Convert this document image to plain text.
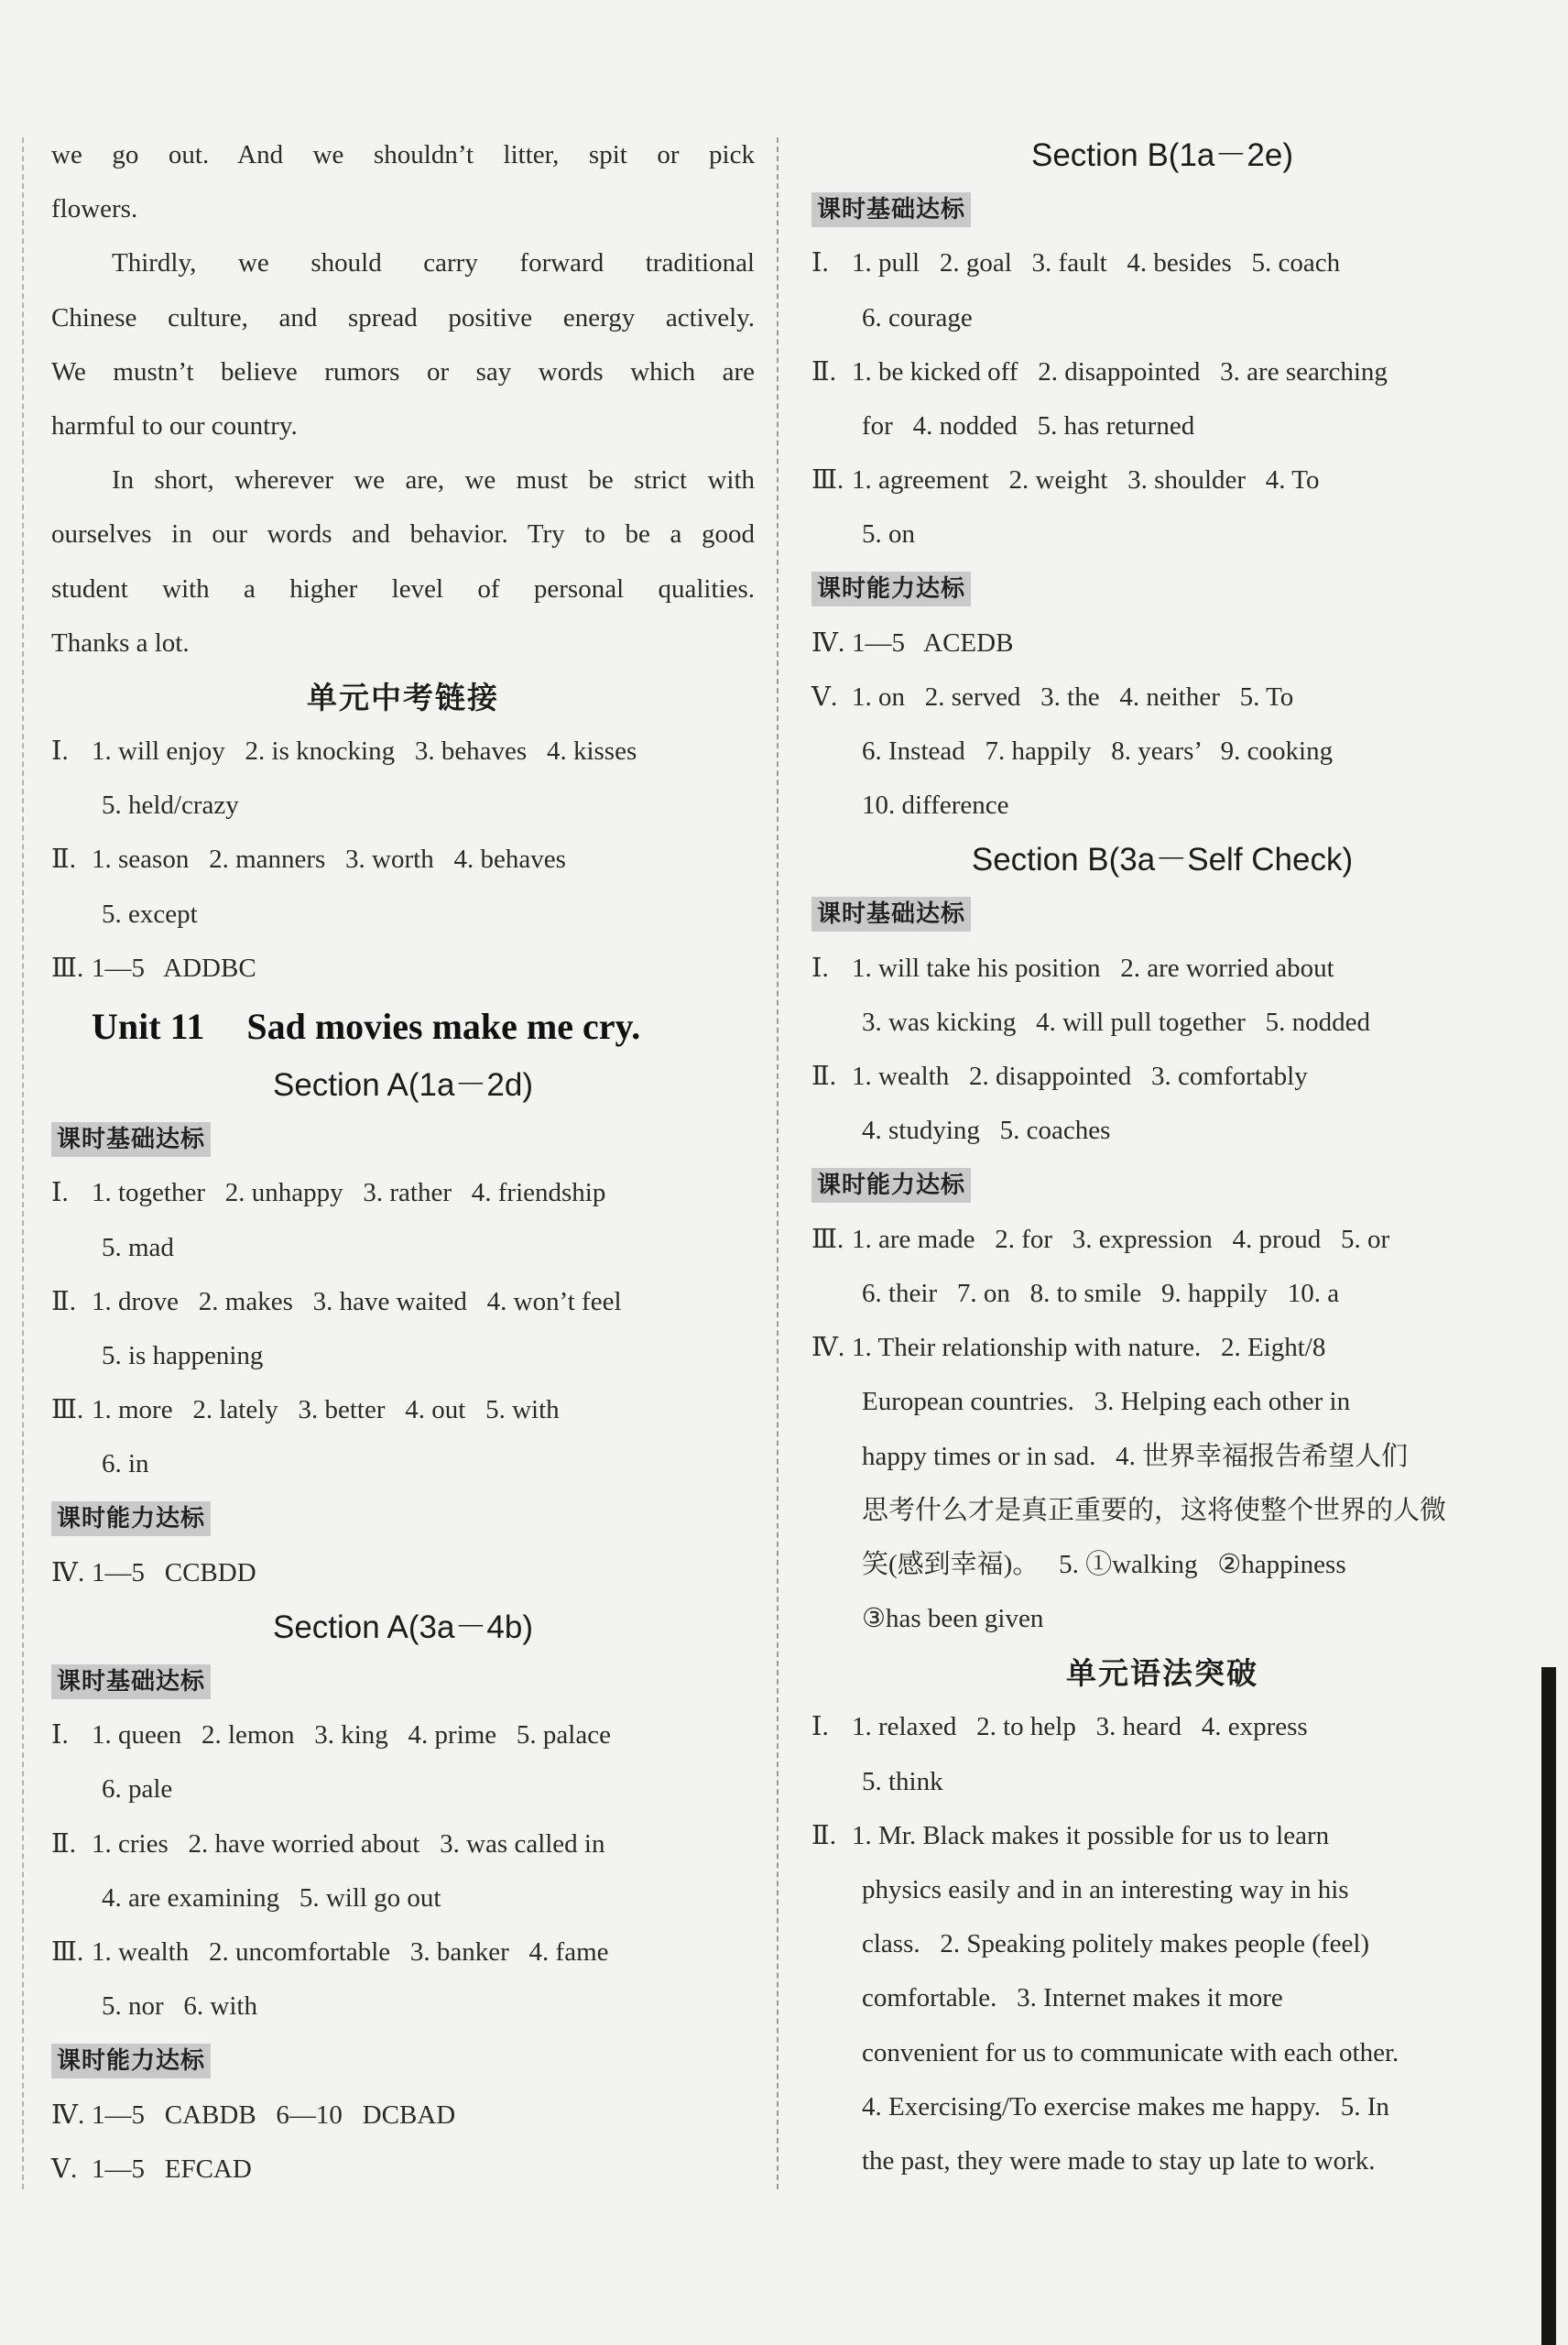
we go out. And we shouldn’t litter, spit or pick
flowers.
Thirdly, we should carry forward traditional
Chinese culture, and spread positive energy actively.
We mustn’t believe rumors or say words which are
harmful to our country.
In short, wherever we are, we must be strict with
ourselves in our words and behavior. Try to be a good
student with a higher level of personal qualities.
Thanks a lot.
单元中考链接
Ⅰ. 1. will enjoy   2. is knocking   3. behaves   4. kisses
5. held/crazy
Ⅱ. 1. season   2. manners   3. worth   4. behaves
5. except
Ⅲ. 1—5   ADDBC
Unit 11 Sad movies make me cry.
Section A(1a－2d)
课时基础达标
Ⅰ. 1. together   2. unhappy   3. rather   4. friendship
5. mad
Ⅱ. 1. drove   2. makes   3. have waited   4. won’t feel
5. is happening
Ⅲ. 1. more   2. lately   3. better   4. out   5. with
6. in
课时能力达标
Ⅳ. 1—5   CCBDD
Section A(3a－4b)
课时基础达标
Ⅰ. 1. queen   2. lemon   3. king   4. prime   5. palace
6. pale
Ⅱ. 1. cries   2. have worried about   3. was called in
4. are examining   5. will go out
Ⅲ. 1. wealth   2. uncomfortable   3. banker   4. fame
5. nor   6. with
课时能力达标
Ⅳ. 1—5   CABDB   6—10   DCBAD
Ⅴ. 1—5   EFCAD
Section B(1a－2e)
课时基础达标
Ⅰ. 1. pull   2. goal   3. fault   4. besides   5. coach
6. courage
Ⅱ. 1. be kicked off   2. disappointed   3. are searching
for   4. nodded   5. has returned
Ⅲ. 1. agreement   2. weight   3. shoulder   4. To
5. on
课时能力达标
Ⅳ. 1—5   ACEDB
Ⅴ. 1. on   2. served   3. the   4. neither   5. To
6. Instead   7. happily   8. years’   9. cooking
10. difference
Section B(3a－Self Check)
课时基础达标
Ⅰ. 1. will take his position   2. are worried about
3. was kicking   4. will pull together   5. nodded
Ⅱ. 1. wealth   2. disappointed   3. comfortably
4. studying   5. coaches
课时能力达标
Ⅲ. 1. are made   2. for   3. expression   4. proud   5. or
6. their   7. on   8. to smile   9. happily   10. a
Ⅳ. 1. Their relationship with nature.   2. Eight/8
European countries.   3. Helping each other in
happy times or in sad.   4. 世界幸福报告希望人们
思考什么才是真正重要的，这将使整个世界的人微
笑(感到幸福)。   5. ①walking   ②happiness
③has been given
单元语法突破
Ⅰ. 1. relaxed   2. to help   3. heard   4. express
5. think
Ⅱ. 1. Mr. Black makes it possible for us to learn
physics easily and in an interesting way in his
class.   2. Speaking politely makes people (feel)
comfortable.   3. Internet makes it more
convenient for us to communicate with each other.
4. Exercising/To exercise makes me happy.   5. In
the past, they were made to stay up late to work.
